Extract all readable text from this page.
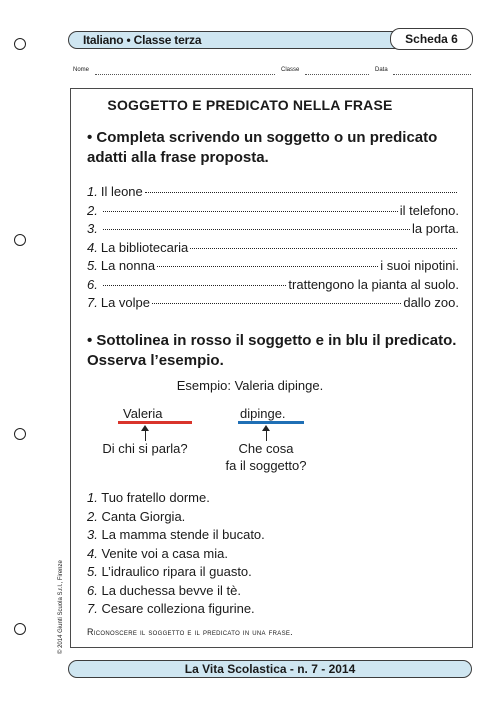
Italiano • Classe terza	Scheda 6
Nome	Classe	Data
SOGGETTO E PREDICATO NELLA FRASE
• Completa scrivendo un soggetto o un predicato
adatti alla frase proposta.
1. Il leone
2.	il telefono.
3.	la porta.
4. La bibliotecaria
5. La nonna	i suoi nipotini.
6.	trattengono la pianta al suolo.
7. La volpe	dallo zoo.
• Sottolinea in rosso il soggetto e in blu il predicato.
Osserva l’esempio.
Esempio: Valeria dipinge.
Valeria	dipinge.
Di chi si parla?	Che cosa
fa il soggetto?
1. Tuo fratello dorme.
2. Canta Giorgia.
3. La mamma stende il bucato.
4. Venite voi a casa mia.
5. L’idraulico ripara il guasto.
6. La duchessa bevve il tè.
7. Cesare colleziona figurine.
Riconoscere il soggetto e il predicato in una frase.
© 2014 Giunti Scuola S.r.l., Firenze
La Vita Scolastica - n. 7 - 2014
